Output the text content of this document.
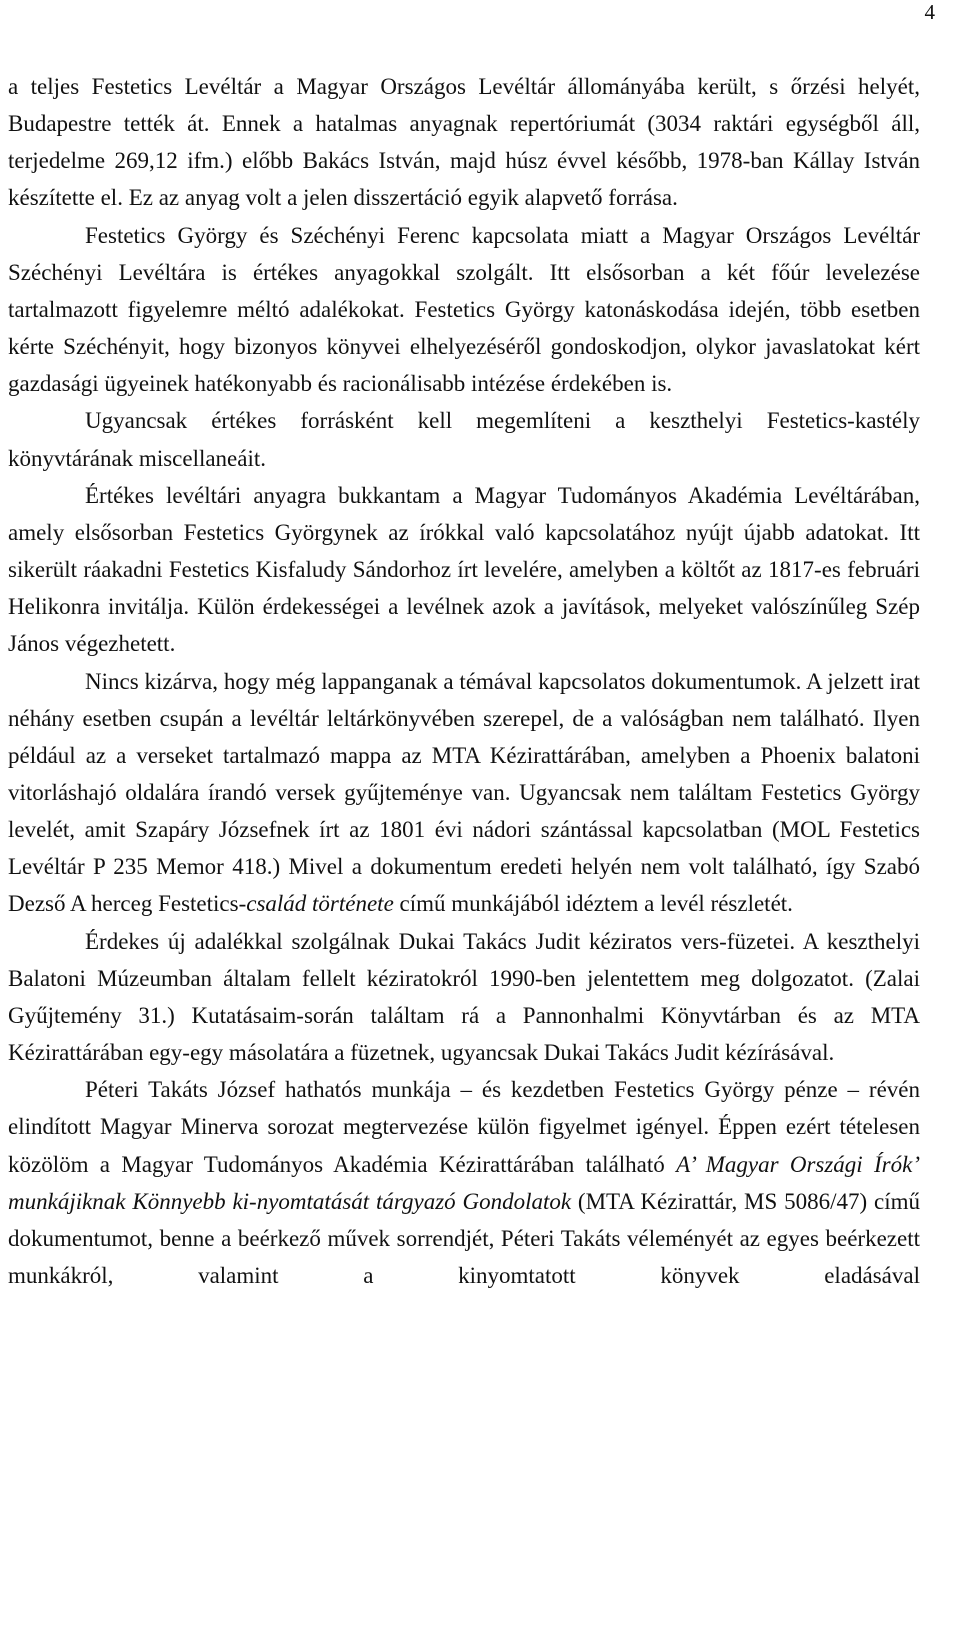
4

a teljes Festetics Levéltár a Magyar Országos Levéltár állományába került, s őrzési helyét, Budapestre tették át. Ennek a hatalmas anyagnak repertóriumát (3034 raktári egységből áll, terjedelme 269,12 ifm.) előbb Bakács István, majd húsz évvel később, 1978-ban Kállay István készítette el. Ez az anyag volt a jelen disszertáció egyik alapvető forrása.

Festetics György és Széchényi Ferenc kapcsolata miatt a Magyar Országos Levéltár Széchényi Levéltára is értékes anyagokkal szolgált. Itt elsősorban a két főúr levelezése tartalmazott figyelemre méltó adalékokat. Festetics György katonáskodása idején, több esetben kérte Széchényit, hogy bizonyos könyvei elhelyezéséről gondoskodjon, olykor javaslatokat kért gazdasági ügyeinek hatékonyabb és racionálisabb intézése érdekében is.

Ugyancsak értékes forrásként kell megemlíteni a keszthelyi Festetics-kastély könyvtárának miscellaneáit.

Értékes levéltári anyagra bukkantam a Magyar Tudományos Akadémia Levéltárában, amely elsősorban Festetics Györgynek az írókkal való kapcsolatához nyújt újabb adatokat. Itt sikerült ráakadni Festetics Kisfaludy Sándorhoz írt levelére, amelyben a költőt az 1817-es februári Helikonra invitálja. Külön érdekességei a levélnek azok a javítások, melyeket valószínűleg Szép János végezhetett.

Nincs kizárva, hogy még lappanganak a témával kapcsolatos dokumentumok. A jelzett irat néhány esetben csupán a levéltár leltárkönyvében szerepel, de a valóságban nem található. Ilyen például az a verseket tartalmazó mappa az MTA Kézirattárában, amelyben a Phoenix balatoni vitorláshajó oldalára írandó versek gyűjteménye van. Ugyancsak nem találtam Festetics György levelét, amit Szapáry Józsefnek írt az 1801 évi nádori szántással kapcsolatban (MOL Festetics Levéltár P 235 Memor 418.) Mivel a dokumentum eredeti helyén nem volt található, így Szabó Dezső A herceg Festetics-család története című munkájából idéztem a levél részletét.

Érdekes új adalékkal szolgálnak Dukai Takács Judit kéziratos vers-füzetei. A keszthelyi Balatoni Múzeumban általam fellelt kéziratokról 1990-ben jelentettem meg dolgozatot. (Zalai Gyűjtemény 31.) Kutatásaim-során találtam rá a Pannonhalmi Könyvtárban és az MTA Kézirattárában egy-egy másolatára a füzetnek, ugyancsak Dukai Takács Judit kézírásával.

Péteri Takáts József hathatós munkája – és kezdetben Festetics György pénze – révén elindított Magyar Minerva sorozat megtervezése külön figyelmet igényel. Éppen ezért tételesen közölöm a Magyar Tudományos Akadémia Kézirattárában található A’ Magyar Országi Írók’ munkájiknak Könnyebb ki-nyomtatását tárgyazó Gondolatok (MTA Kézirattár, MS 5086/47) című dokumentumot, benne a beérkező művek sorrendjét, Péteri Takáts véleményét az egyes beérkezett munkákról, valamint a kinyomtatott könyvek eladásával
